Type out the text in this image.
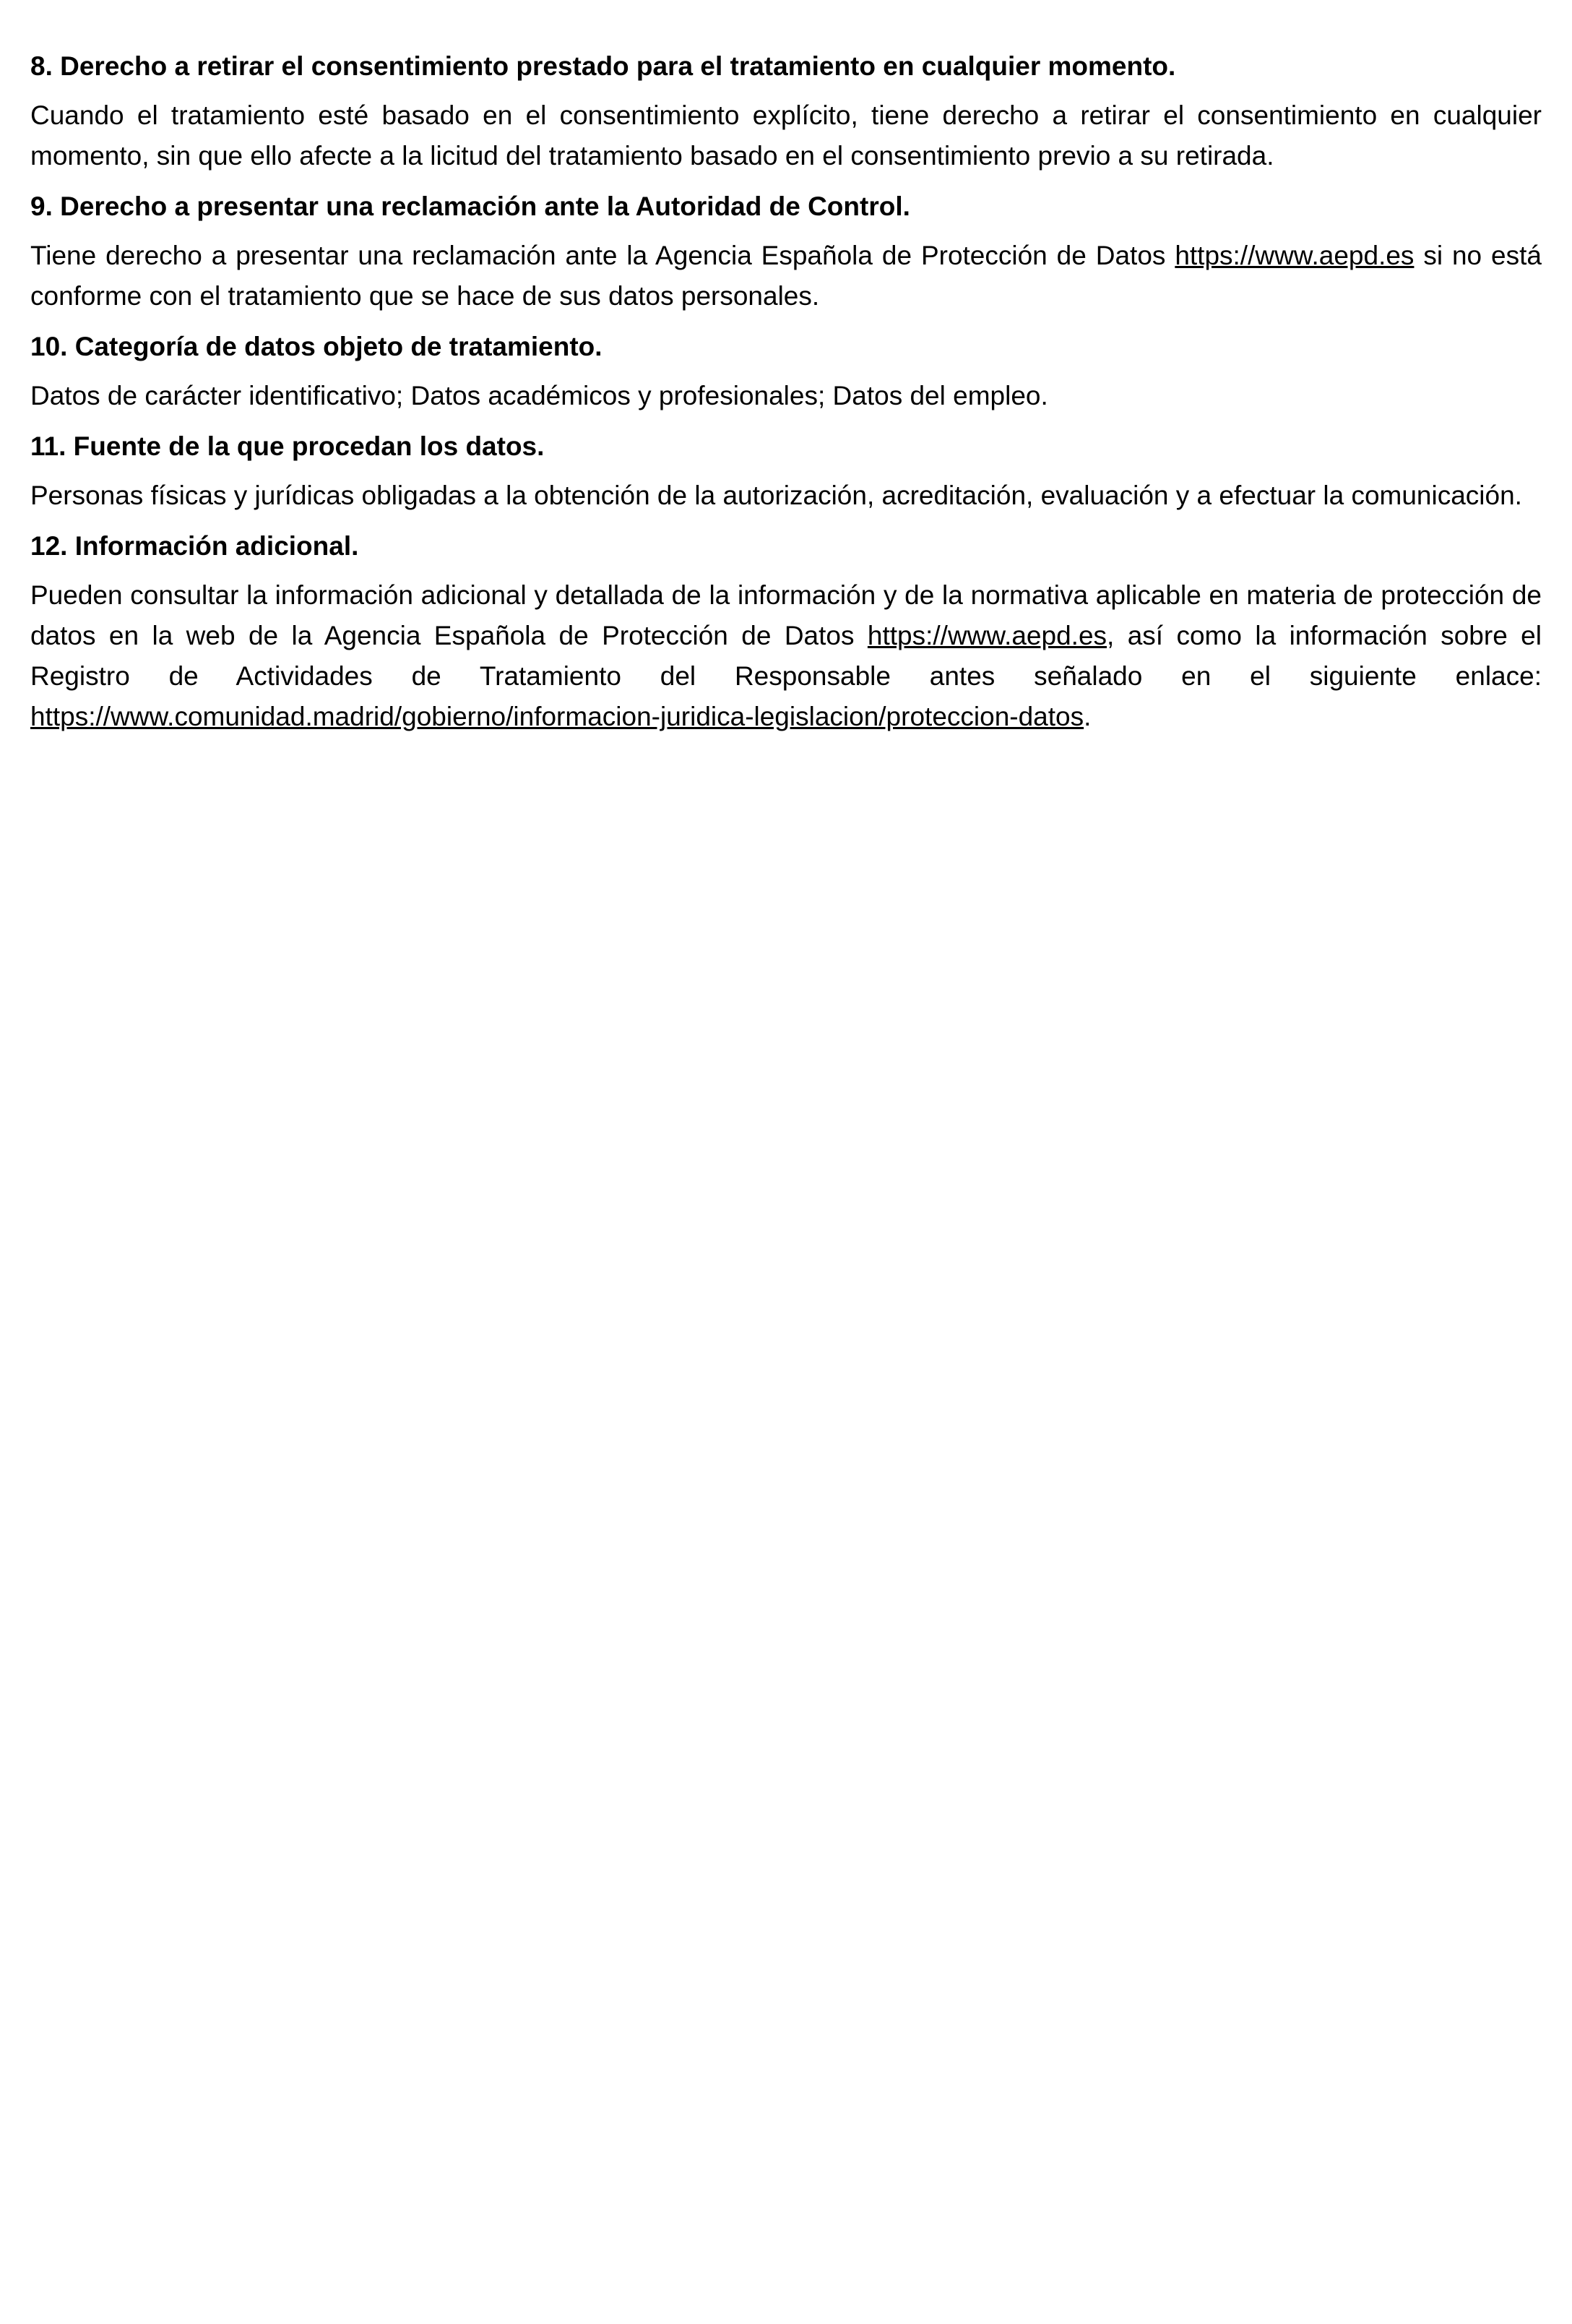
8. Derecho a retirar el consentimiento prestado para el tratamiento en cualquier momento.

Cuando el tratamiento esté basado en el consentimiento explícito, tiene derecho a retirar el consentimiento en cualquier momento, sin que ello afecte a la licitud del tratamiento basado en el consentimiento previo a su retirada.

9. Derecho a presentar una reclamación ante la Autoridad de Control.

Tiene derecho a presentar una reclamación ante la Agencia Española de Protección de Datos https://www.aepd.es si no está conforme con el tratamiento que se hace de sus datos personales.

10. Categoría de datos objeto de tratamiento.

Datos de carácter identificativo; Datos académicos y profesionales; Datos del empleo.

11. Fuente de la que procedan los datos.

Personas físicas y jurídicas obligadas a la obtención de la autorización, acreditación, evaluación y a efectuar la comunicación.

12. Información adicional.

Pueden consultar la información adicional y detallada de la información y de la normativa aplicable en materia de protección de datos en la web de la Agencia Española de Protección de Datos https://www.aepd.es, así como la información sobre el Registro de Actividades de Tratamiento del Responsable antes señalado en el siguiente enlace: https://www.comunidad.madrid/gobierno/informacion-juridica-legislacion/proteccion-datos.
